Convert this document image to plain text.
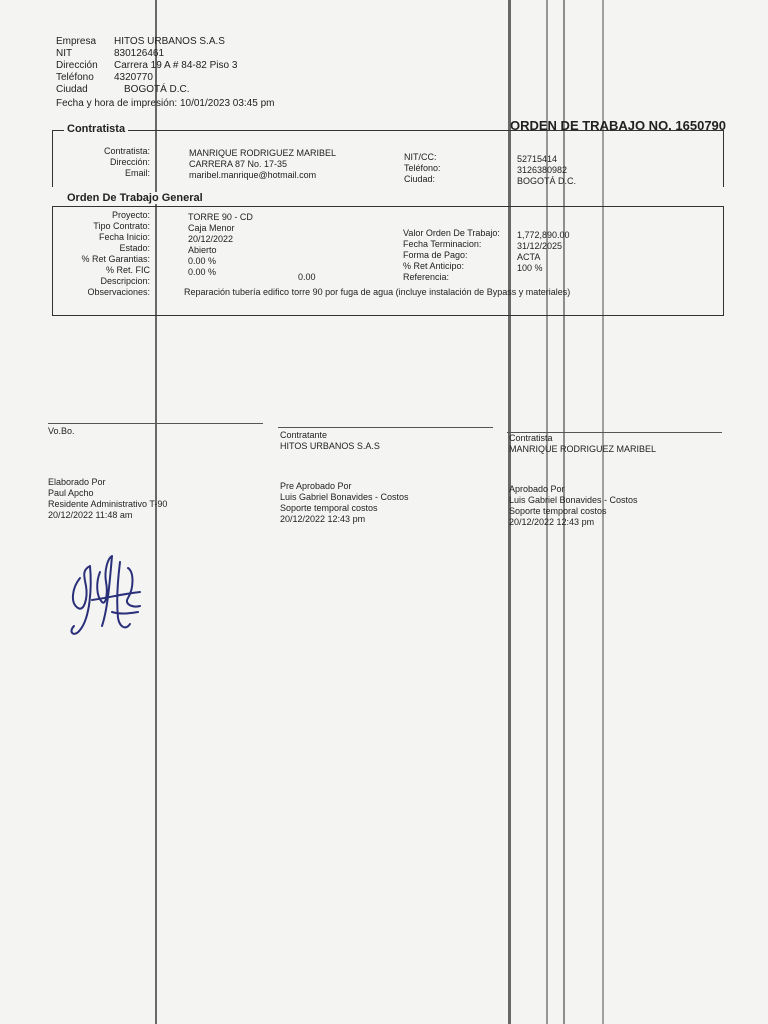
Empresa
NIT
Dirección
Teléfono
Ciudad
HITOS URBANOS S.A.S
830126461
Carrera 19 A # 84-82 Piso 3
4320770
BOGOTÁ D.C.
Fecha y hora de impresión: 10/01/2023 03:45 pm
ORDEN DE TRABAJO NO. 1650790
Contratista
Contratista:
Dirección:
Email:
MANRIQUE RODRIGUEZ MARIBEL
CARRERA 87 No. 17-35
maribel.manrique@hotmail.com
NIT/CC:
Teléfono:
Ciudad:
52715414
3126380982
BOGOTÁ D.C.
Orden De Trabajo General
Proyecto:
Tipo Contrato:
Fecha Inicio:
Estado:
% Ret Garantias:
% Ret. FIC
Descripcion:
Observaciones:
TORRE 90 - CD
Caja Menor
20/12/2022
Abierto
0.00 %
0.00 %	0.00
Valor Orden De Trabajo:
Fecha Terminacion:
Forma de Pago:
% Ret Anticipo:
Referencia:
1,772,890.00
31/12/2025
ACTA
100 %
Reparación tubería edifico torre 90 por fuga de agua (incluye instalación de Bypass y materiales)
Vo.Bo.	Contratante
HITOS URBANOS S.A.S
Contratista
MANRIQUE RODRIGUEZ MARIBEL
Elaborado Por
Paul Apcho
Residente Administrativo T-90
20/12/2022 11:48 am
Pre Aprobado Por
Luis Gabriel Bonavides - Costos
Soporte temporal costos
20/12/2022 12:43 pm
Aprobado Por
Luis Gabriel Bonavides - Costos
Soporte temporal costos
20/12/2022 12:43 pm
